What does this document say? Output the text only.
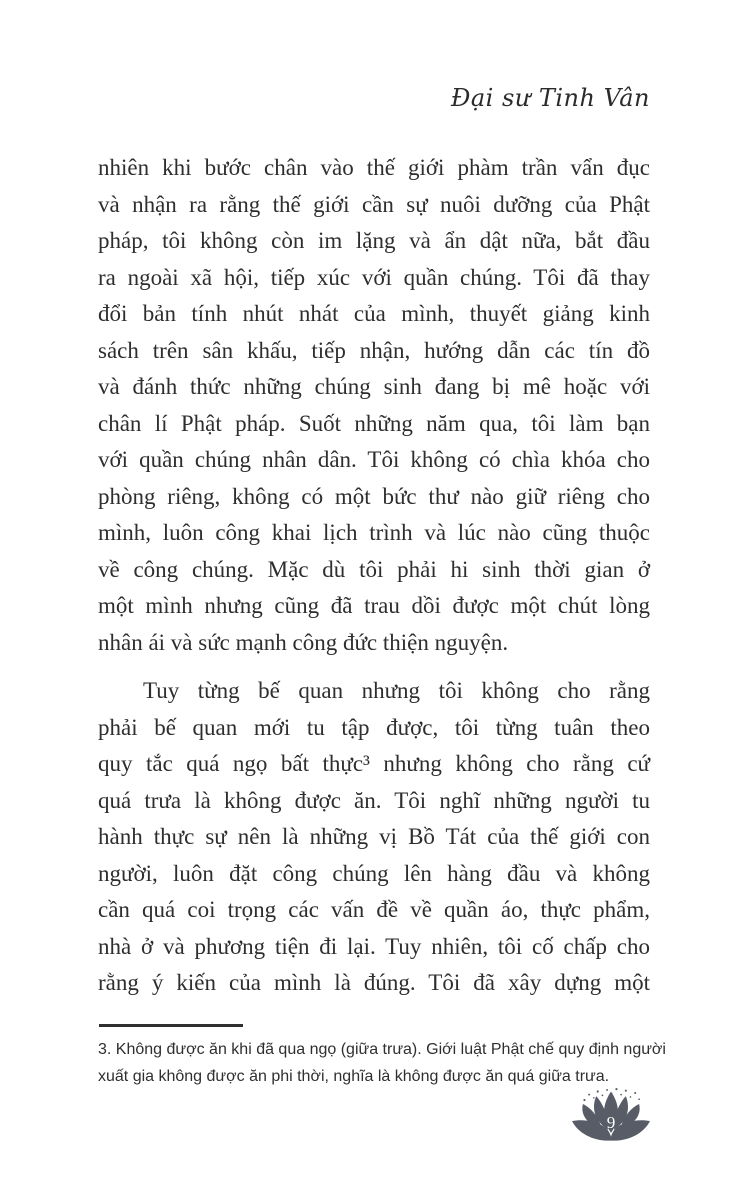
Đại sư Tinh Vân
nhiên khi bước chân vào thế giới phàm trần vẩn đục
và nhận ra rằng thế giới cần sự nuôi dưỡng của Phật
pháp, tôi không còn im lặng và ẩn dật nữa, bắt đầu
ra ngoài xã hội, tiếp xúc với quần chúng. Tôi đã thay
đổi bản tính nhút nhát của mình, thuyết giảng kinh
sách trên sân khấu, tiếp nhận, hướng dẫn các tín đồ
và đánh thức những chúng sinh đang bị mê hoặc với
chân lí Phật pháp. Suốt những năm qua, tôi làm bạn
với quần chúng nhân dân. Tôi không có chìa khóa cho
phòng riêng, không có một bức thư nào giữ riêng cho
mình, luôn công khai lịch trình và lúc nào cũng thuộc
về công chúng. Mặc dù tôi phải hi sinh thời gian ở
một mình nhưng cũng đã trau dồi được một chút lòng
nhân ái và sức mạnh công đức thiện nguyện.
Tuy từng bế quan nhưng tôi không cho rằng
phải bế quan mới tu tập được, tôi từng tuân theo
quy tắc quá ngọ bất thực³ nhưng không cho rằng cứ
quá trưa là không được ăn. Tôi nghĩ những người tu
hành thực sự nên là những vị Bồ Tát của thế giới con
người, luôn đặt công chúng lên hàng đầu và không
cần quá coi trọng các vấn đề về quần áo, thực phẩm,
nhà ở và phương tiện đi lại. Tuy nhiên, tôi cố chấp cho
rằng ý kiến của mình là đúng. Tôi đã xây dựng một
3. Không được ăn khi đã qua ngọ (giữa trưa). Giới luật Phật chế quy định người
xuất gia không được ăn phi thời, nghĩa là không được ăn quá giữa trưa.
9
